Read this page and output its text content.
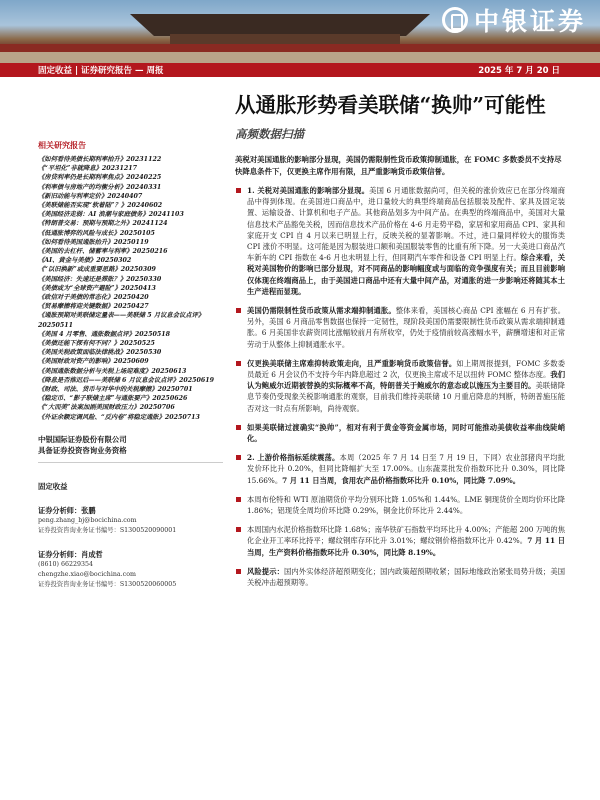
中银证券
固定收益 | 证券研究报告 — 周报	2025 年 7 月 20 日
相关研究报告
《如何看待美债长期利率抬升》20231122
《“平坦化”非就降息》20231217
《房贷利率仍是长期利率焦点》20240225
《利率债与房地产的均衡分析》20240331
《新旧动能与利率定价》20240407
《美联储能否实现“软着陆”？》20240602
《美国经济走弱：AI 浪潮与家庭债务》20241103
《特朗普交易：预期与预期之外》20241124
《低通胀博弈的风险与成长》20250105
《如何看待美国通胀抬升》20250119
《美国的去杠杆、储蓄率与利率》20250216
《AI、黄金与美债》20250302
《“以旧换新”或成重要思路》20250309
《美国经济：失速还是滞胀？》20250330
《美债或为“全球资产避险”》20250413
《政信对于美债的常态化》20250420
《贸易摩擦将迎关键数据》20250427
《通胀预期对美联储定量表——美联储 5 月议息会议点评》20250511
《美国 4 月零售、通胀数据点评》20250518
《美债还能下探有何不同？》20250525
《美国关税政策面临法律挑战》20250530
《美国财政对资产的影响》20250609
《美国通胀数据分析与关税上场迎难度》20250613
《降息是否推迟后——美联储 6 月议息会议点评》20250619
《财政、司法、货币与对华中的关税摩擦》20250701
《稳定币、“影子联储主席”与通胀要产》20250626
《“大而美”法案加剧美国财政压力》20250706
《外证余额定调风险、“反内卷”将稳定通胀》20250713
中银国际证券股份有限公司
具备证券投资咨询业务资格
固定收益
证券分析师：张鹏
peng.zhang_bj@bocichina.com
证券投资咨询业务证书编号：S1300520090001
证券分析师：肖成哲
(8610) 66229354
chengzhe.xiao@bocichina.com
证券投资咨询业务证书编号：S1300520060005
从通胀形势看美联储“换帅”可能性
高频数据扫描
美税对美国通胀的影响部分显现，美国仍需限制性货币政策抑制通胀，在 FOMC 多数委员不支持尽快降息条件下，仅更换主席作用有限，且严重影响货币政策信誉。
1. 关税对美国通胀的影响部分显现。美国 6 月通胀数据尚可，但关税的涨价效应已在部分终端商品中得到体现。在美国进口商品中，进口量较大的典型终端商品包括服装及配件、家具及固定装置、运输设备、计算机和电子产品。其他商品划多为中间产品。在典型的终端商品中，美国对大量信息技术产品豁免关税，因而信息技术产品价格在 4-6 月走势平稳，家居和家用商品 CPI、家具和家庭开支 CPI 自 4 月以来已明显上行，反映关税的显著影响。不过，进口量同样较大的服饰类 CPI 涨价不明显。这可能是因为服装进口额和美国服装零售的比重有所下降。另一大美进口商品汽车新车的 CPI 指数在 4-6 月也未明显上行，但同期汽车零件和设备 CPI 明显上行。综合来看，关税对美国物价的影响已部分显现，对不同商品的影响幅度或与面临的竞争强度有关；而且目前影响仅体现在终端商品上，由于美国进口商品中还有大量中间产品，对通胀的进一步影响还将随其本土生产进程而显现。
美国仍需限制性货币政策从需求端抑制通胀。整体来看，美国核心商品 CPI 涨幅在 6 月有扩张。另外，美国 6 月商品零售数据也保持一定韧性，现阶段美国仍需要限制性货币政策从需求端抑制通胀。6 月美国非农薪资同比涨幅较前月有所收窄，仍处于疫情前较高涨幅水平，薪酬增速和对正常劳动于从整体上抑制通胀水平。
仅更换美联储主席难抑转政策走向，且严重影响货币政策信誉。如上期周报提到，FOMC 多数委员最近 6 月会议仍不支持今年内降息超过 2 次，仅更换主席或不足以扭转 FOMC 整体态度。我们认为鲍威尔近期被替换的实际概率不高，特朗普关于鲍威尔的意态或以施压为主要目的。美联储降息节奏仍受现象关税影响通胀的观察，目前我们维持美联储 10 月重启降息的判断，特朗普施压能否对这一时点有所影响，尚待观察。
如果美联储过渡确实“换帅”，相对有利于黄金等资金属市场，同时可能推动美债收益率曲线陡峭化。
2. 上游价格指标延续震荡。本周（2025 年 7 月 14 日至 7 月 19 日，下同）农业部猪肉平均批发价环比升 0.20%，但同比降幅扩大至 17.00%。山东蔬菜批发价指数环比升 0.30%，同比降 15.66%。7 月 11 日当周，食用农产品价格指数环比升 0.10%，同比降 7.09%。
本周布伦特和 WTI 原油期货价平均分别环比降 1.05%和 1.44%。LME 铜现货价全周均价环比降 1.86%；铝现货全周均价环比降 0.29%，铜金比价环比升 2.44%。
本周国内水泥价格指数环比降 1.68%；南华铁矿石指数平均环比升 4.00%；产能超 200 万吨的焦化企业开工率环比持平；螺纹钢库存环比升 3.01%；螺纹钢价格指数环比升 0.42%。7 月 11 日当周，生产资料价格指数环比升 0.30%，同比降 8.19%。
风险提示：国内外实体经济超预期变化；国内政策超预期收紧；国际地缘政治紧张局势升级；美国关税冲击超预期等。
